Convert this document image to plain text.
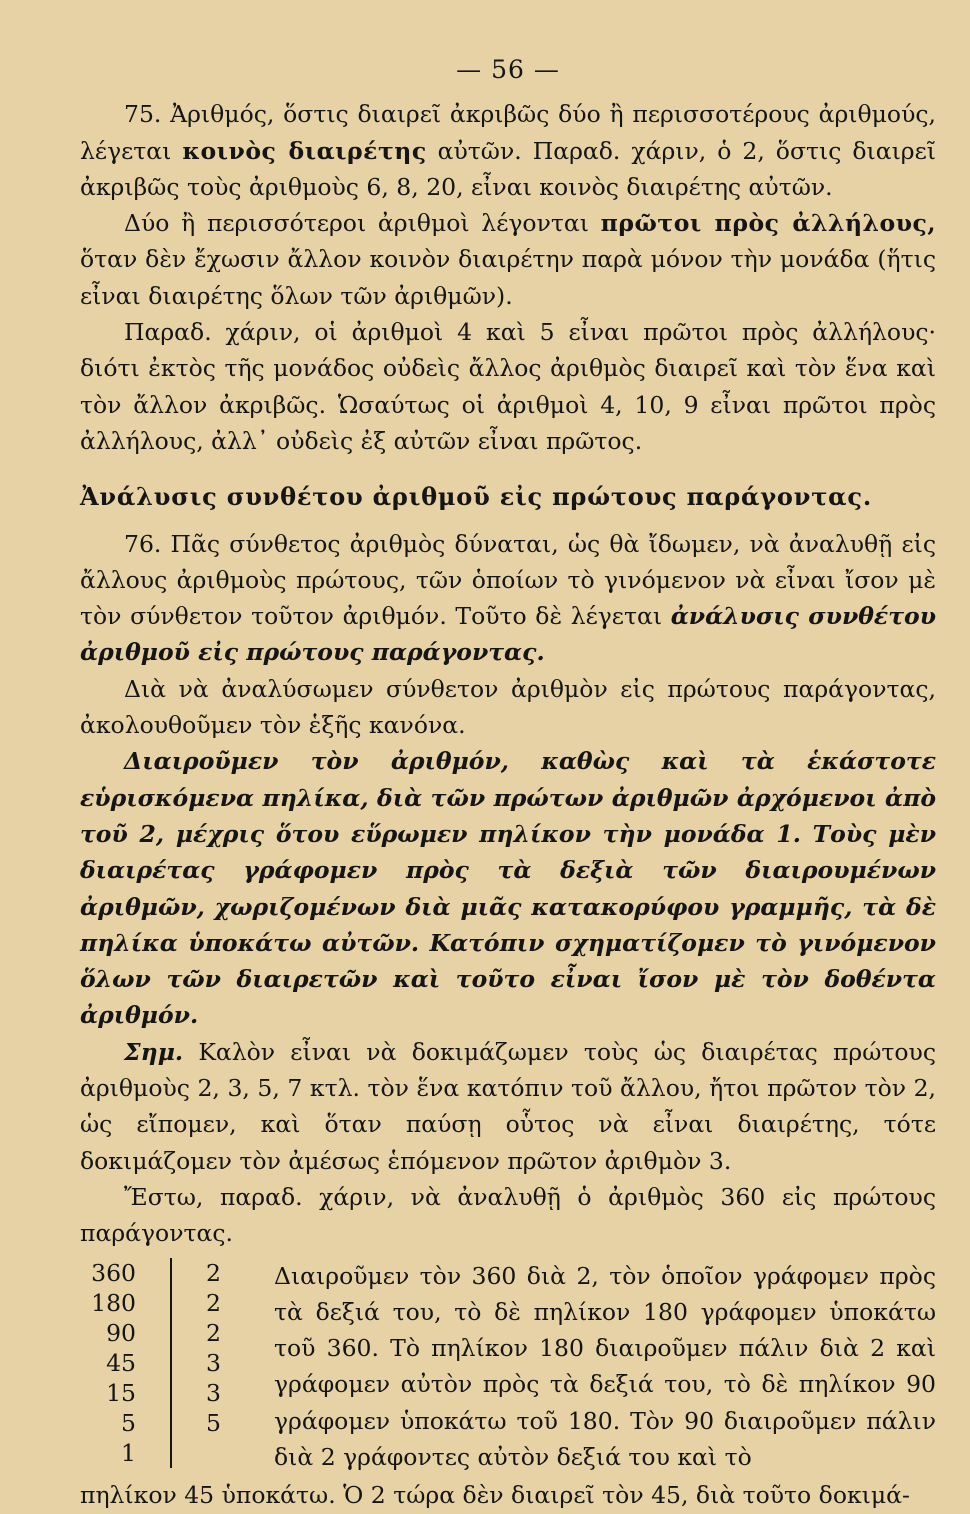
— 56 —

75. Ἀριθμός, ὅστις διαιρεῖ ἀκριβῶς δύο ἢ περισσοτέρους ἀριθμούς, λέγεται κοινὸς διαιρέτης αὐτῶν. Παραδ. χάριν, ὁ 2, ὅστις διαιρεῖ ἀκριβῶς τοὺς ἀριθμοὺς 6, 8, 20, εἶναι κοινὸς διαιρέτης αὐτῶν.

Δύο ἢ περισσότεροι ἀριθμοὶ λέγονται πρῶτοι πρὸς ἀλλήλους, ὅταν δὲν ἔχωσιν ἄλλον κοινὸν διαιρέτην παρὰ μόνον τὴν μονάδα (ἥτις εἶναι διαιρέτης ὅλων τῶν ἀριθμῶν).

Παραδ. χάριν, οἱ ἀριθμοὶ 4 καὶ 5 εἶναι πρῶτοι πρὸς ἀλλήλους· διότι ἐκτὸς τῆς μονάδος οὐδεὶς ἄλλος ἀριθμὸς διαιρεῖ καὶ τὸν ἕνα καὶ τὸν ἄλλον ἀκριβῶς. Ὡσαύτως οἱ ἀριθμοὶ 4, 10, 9 εἶναι πρῶτοι πρὸς ἀλλήλους, ἀλλ᾿ οὐδεὶς ἐξ αὐτῶν εἶναι πρῶτος.

Ἀνάλυσις συνθέτου ἀριθμοῦ εἰς πρώτους παράγοντας.

76. Πᾶς σύνθετος ἀριθμὸς δύναται, ὡς θὰ ἴδωμεν, νὰ ἀναλυθῇ εἰς ἄλλους ἀριθμοὺς πρώτους, τῶν ὁποίων τὸ γινόμενον νὰ εἶναι ἴσον μὲ τὸν σύνθετον τοῦτον ἀριθμόν. Τοῦτο δὲ λέγεται ἀνάλυσις συνθέτου ἀριθμοῦ εἰς πρώτους παράγοντας.

Διὰ νὰ ἀναλύσωμεν σύνθετον ἀριθμὸν εἰς πρώτους παράγοντας, ἀκολουθοῦμεν τὸν ἑξῆς κανόνα.

Διαιροῦμεν τὸν ἀριθμόν, καθὼς καὶ τὰ ἑκάστοτε εὑρισκόμενα πηλίκα, διὰ τῶν πρώτων ἀριθμῶν ἀρχόμενοι ἀπὸ τοῦ 2, μέχρις ὅτου εὕρωμεν πηλίκον τὴν μονάδα 1. Τοὺς μὲν διαιρέτας γράφομεν πρὸς τὰ δεξιὰ τῶν διαιρουμένων ἀριθμῶν, χωριζομένων διὰ μιᾶς κατακορύφου γραμμῆς, τὰ δὲ πηλίκα ὑποκάτω αὐτῶν. Κατόπιν σχηματίζομεν τὸ γινόμενον ὅλων τῶν διαιρετῶν καὶ τοῦτο εἶναι ἴσον μὲ τὸν δοθέντα ἀριθμόν.

Σημ. Καλὸν εἶναι νὰ δοκιμάζωμεν τοὺς ὡς διαιρέτας πρώτους ἀριθμοὺς 2, 3, 5, 7 κτλ. τὸν ἕνα κατόπιν τοῦ ἄλλου, ἤτοι πρῶτον τὸν 2, ὡς εἴπομεν, καὶ ὅταν παύσῃ οὗτος νὰ εἶναι διαιρέτης, τότε δοκιμάζομεν τὸν ἀμέσως ἑπόμενον πρῶτον ἀριθμὸν 3.

Ἔστω, παραδ. χάριν, νὰ ἀναλυθῇ ὁ ἀριθμὸς 360 εἰς πρώτους παράγοντας.

360
180
90
45
15
5
1
2
2
2
3
3
5

Διαιροῦμεν τὸν 360 διὰ 2, τὸν ὁποῖον γράφομεν πρὸς τὰ δεξιά του, τὸ δὲ πηλίκον 180 γράφομεν ὑποκάτω τοῦ 360. Τὸ πηλίκον 180 διαιροῦμεν πάλιν διὰ 2 καὶ γράφομεν αὐτὸν πρὸς τὰ δεξιά του, τὸ δὲ πηλίκον 90 γράφομεν ὑποκάτω τοῦ 180. Τὸν 90 διαιροῦμεν πάλιν διὰ 2 γράφοντες αὐτὸν δεξιά του καὶ τὸ

πηλίκον 45 ὑποκάτω. Ὁ 2 τώρα δὲν διαιρεῖ τὸν 45, διὰ τοῦτο δοκιμά-
